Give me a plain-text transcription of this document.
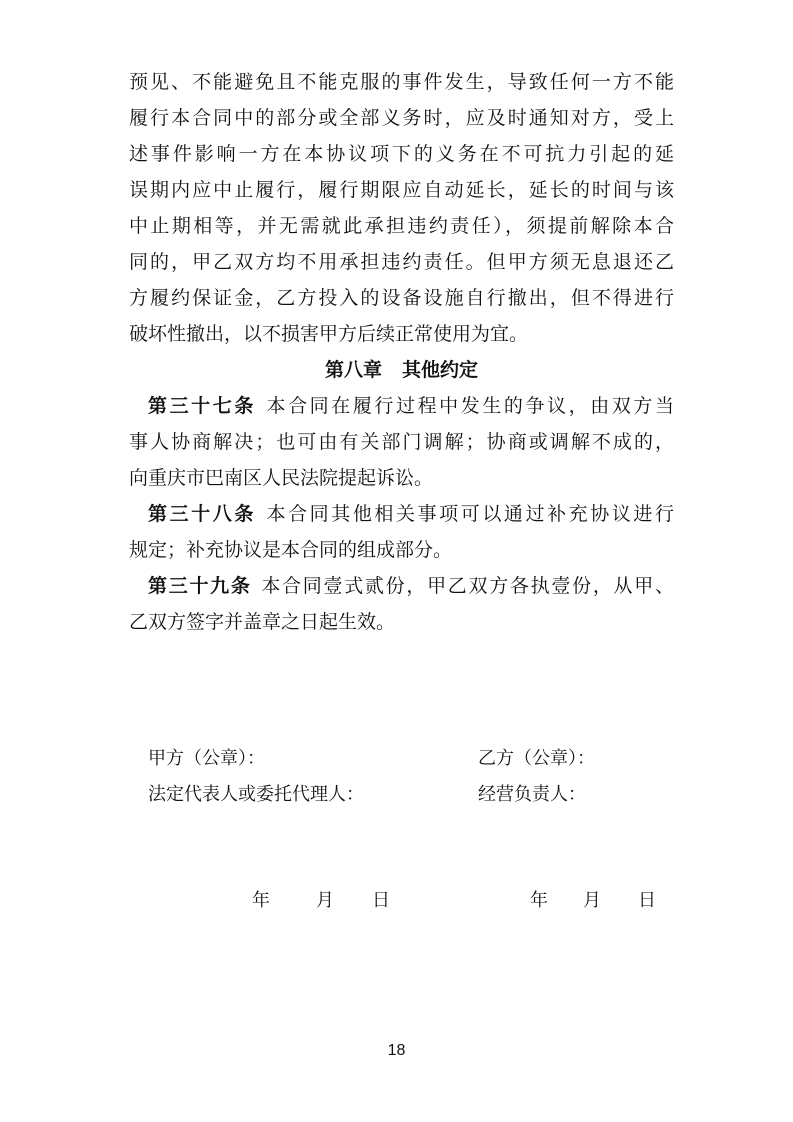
预见、不能避免且不能克服的事件发生，导致任何一方不能
履行本合同中的部分或全部义务时，应及时通知对方，受上
述事件影响一方在本协议项下的义务在不可抗力引起的延
误期内应中止履行，履行期限应自动延长，延长的时间与该
中止期相等，并无需就此承担违约责任），须提前解除本合
同的，甲乙双方均不用承担违约责任。但甲方须无息退还乙
方履约保证金，乙方投入的设备设施自行撤出，但不得进行
破坏性撤出，以不损害甲方后续正常使用为宜。
第八章 其他约定
第三十七条 本合同在履行过程中发生的争议，由双方当
事人协商解决；也可由有关部门调解；协商或调解不成的，
向重庆市巴南区人民法院提起诉讼。
第三十八条 本合同其他相关事项可以通过补充协议进行
规定；补充协议是本合同的组成部分。
第三十九条 本合同壹式贰份，甲乙双方各执壹份，从甲、
乙双方签字并盖章之日起生效。
甲方（公章）：
法定代表人或委托代理人：
乙方（公章）：
经营负责人：
年	月 日	年 月 日
18
